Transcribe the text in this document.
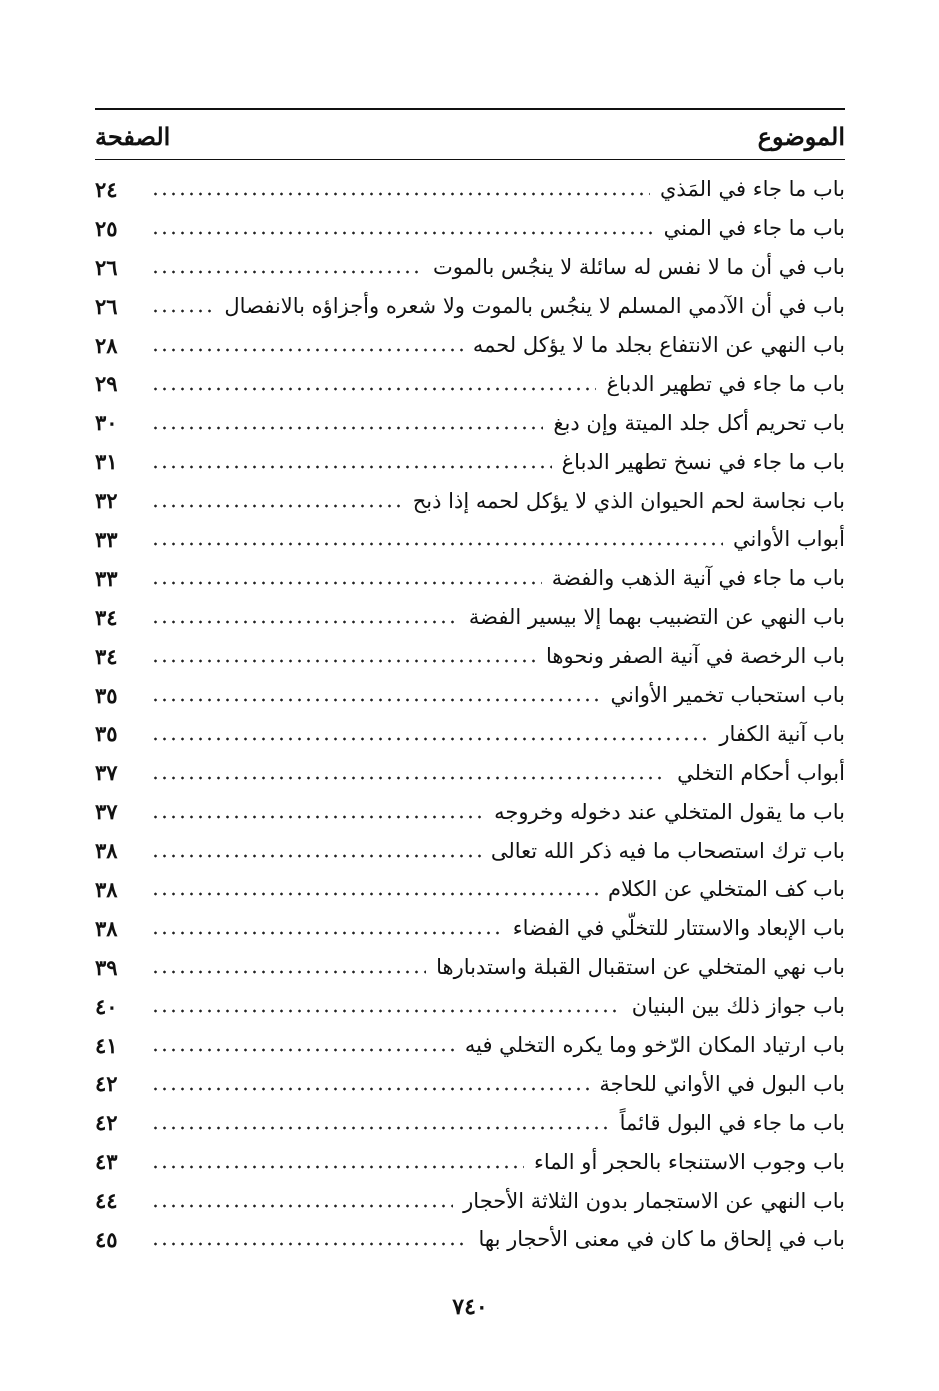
الموضوع
الصفحة
باب ما جاء في المَذي
٢٤
باب ما جاء في المني
٢٥
باب في أن ما لا نفس له سائلة لا ينجُس بالموت
٢٦
باب في أن الآدمي المسلم لا ينجُس بالموت ولا شعره وأجزاؤه بالانفصال
٢٦
باب النهي عن الانتفاع بجلد ما لا يؤكل لحمه
٢٨
باب ما جاء في تطهير الدباغ
٢٩
باب تحريم أكل جلد الميتة وإن دبغ
٣٠
باب ما جاء في نسخ تطهير الدباغ
٣١
باب نجاسة لحم الحيوان الذي لا يؤكل لحمه إذا ذبح
٣٢
أبواب الأواني
٣٣
باب ما جاء في آنية الذهب والفضة
٣٣
باب النهي عن التضبيب بهما إلا بيسير الفضة
٣٤
باب الرخصة في آنية الصفر ونحوها
٣٤
باب استحباب تخمير الأواني
٣٥
باب آنية الكفار
٣٥
أبواب أحكام التخلي
٣٧
باب ما يقول المتخلي عند دخوله وخروجه
٣٧
باب ترك استصحاب ما فيه ذكر الله تعالى
٣٨
باب كف المتخلي عن الكلام
٣٨
باب الإبعاد والاستتار للتخلّي في الفضاء
٣٨
باب نهي المتخلي عن استقبال القبلة واستدبارها
٣٩
باب جواز ذلك بين البنيان
٤٠
باب ارتياد المكان الرّخو وما يكره التخلي فيه
٤١
باب البول في الأواني للحاجة
٤٢
باب ما جاء في البول قائماً
٤٢
باب وجوب الاستنجاء بالحجر أو الماء
٤٣
باب النهي عن الاستجمار بدون الثلاثة الأحجار
٤٤
باب في إلحاق ما كان في معنى الأحجار بها
٤٥
٧٤٠
